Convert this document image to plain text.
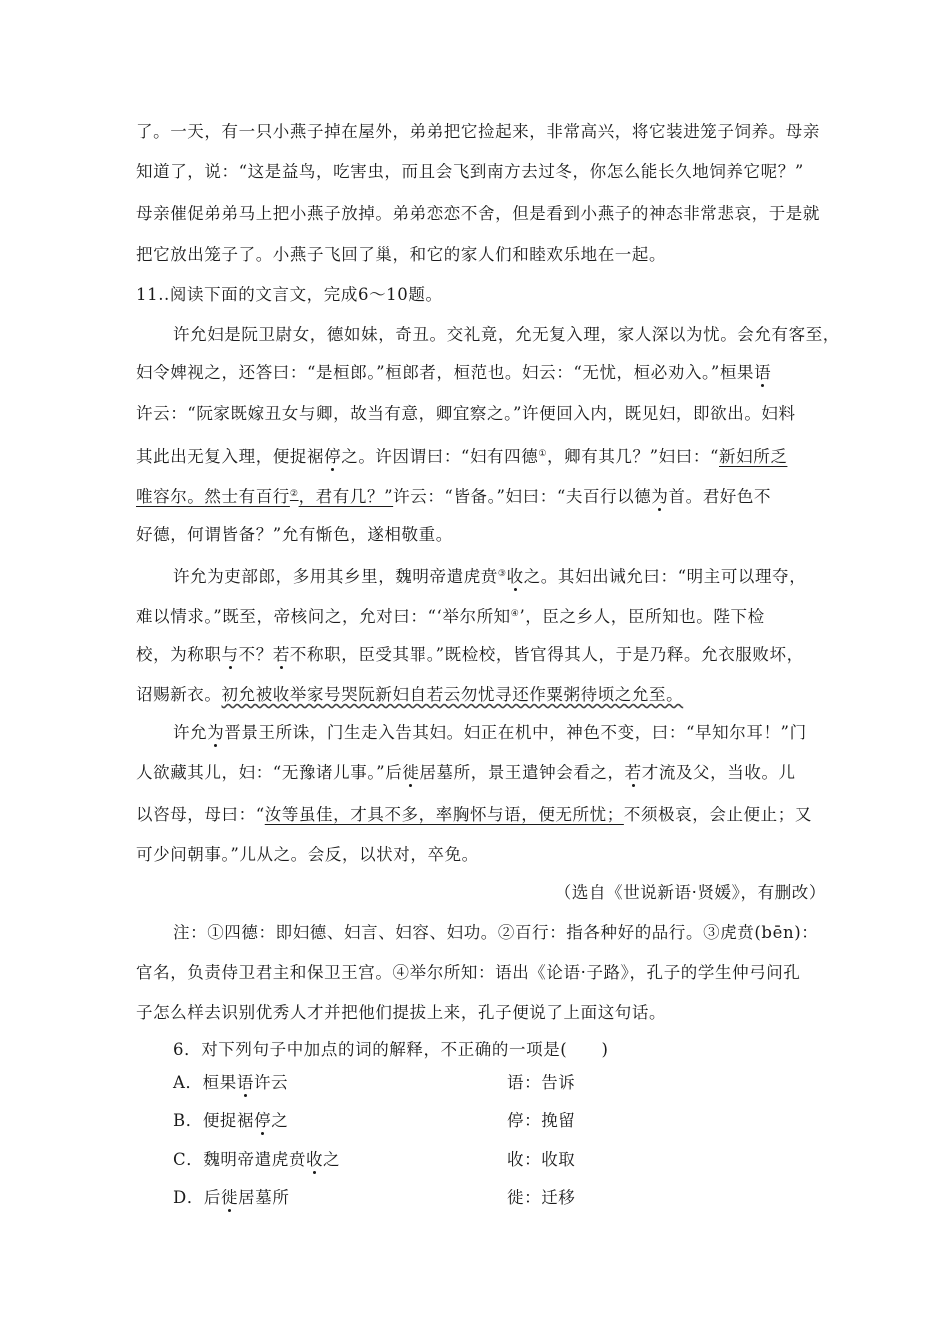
了。一天，有一只小燕子掉在屋外，弟弟把它捡起来，非常高兴，将它装进笼子饲养。母亲
知道了，说：“这是益鸟，吃害虫，而且会飞到南方去过冬，你怎么能长久地饲养它呢？”
母亲催促弟弟马上把小燕子放掉。弟弟恋恋不舍，但是看到小燕子的神态非常悲哀，于是就
把它放出笼子了。小燕子飞回了巢，和它的家人们和睦欢乐地在一起。
11..阅读下面的文言文，完成6～10题。
许允妇是阮卫尉女，德如妹，奇丑。交礼竟，允无复入理，家人深以为忧。会允有客至，
妇令婢视之，还答曰：“是桓郎。”桓郎者，桓范也。妇云：“无忧，桓必劝入。”桓果语
许云：“阮家既嫁丑女与卿，故当有意，卿宜察之。”许便回入内，既见妇，即欲出。妇料
其此出无复入理，便捉裾停之。许因谓曰：“妇有四德①，卿有其几？”妇曰：“新妇所乏
唯容尔。然士有百行②，君有几？”许云：“皆备。”妇曰：“夫百行以德为首。君好色不
好德，何谓皆备？”允有惭色，遂相敬重。
许允为吏部郎，多用其乡里，魏明帝遣虎贲③收之。其妇出诫允曰：“明主可以理夺，
难以情求。”既至，帝核问之，允对曰：“‘举尔所知④’，臣之乡人，臣所知也。陛下检
校，为称职与不？若不称职，臣受其罪。”既检校，皆官得其人，于是乃释。允衣服败坏，
诏赐新衣。初允被收举家号哭阮新妇自若云勿忧寻还作粟粥待顷之允至。
许允为晋景王所诛，门生走入告其妇。妇正在机中，神色不变，曰：“早知尔耳！”门
人欲藏其儿，妇：“无豫诸儿事。”后徙居墓所，景王遣钟会看之，若才流及父，当收。儿
以咨母，母曰：“汝等虽佳，才具不多，率胸怀与语，便无所忧；不须极哀，会止便止；又
可少问朝事。”儿从之。会反，以状对，卒免。
（选自《世说新语·贤媛》，有删改）
注：①四德：即妇德、妇言、妇容、妇功。②百行：指各种好的品行。③虎贲(bēn)：
官名，负责侍卫君主和保卫王宫。④举尔所知：语出《论语·子路》，孔子的学生仲弓问孔
子怎么样去识别优秀人才并把他们提拔上来，孔子便说了上面这句话。
6．对下列句子中加点的词的解释，不正确的一项是(　　)
A．桓果语许云	语：告诉
B．便捉裾停之	停：挽留
C．魏明帝遣虎贲收之	收：收取
D．后徙居墓所	徙：迁移
